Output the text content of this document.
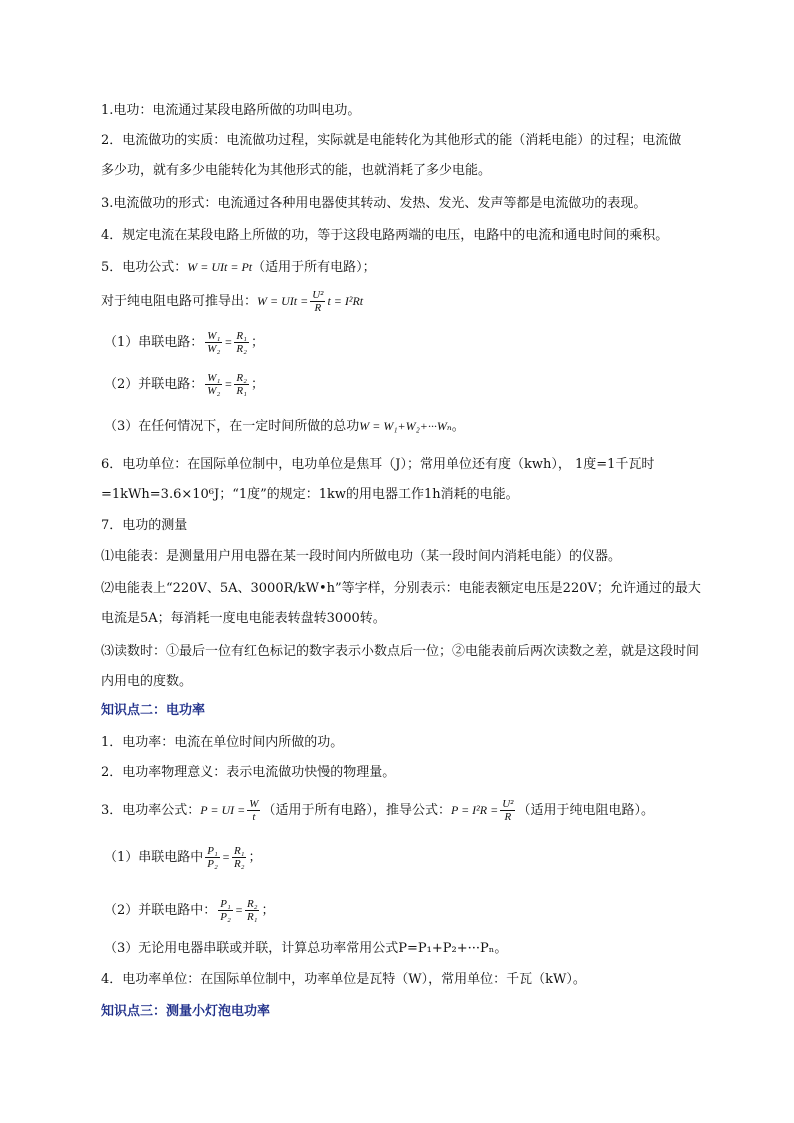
1.电功：电流通过某段电路所做的功叫电功。
2．电流做功的实质：电流做功过程，实际就是电能转化为其他形式的能（消耗电能）的过程；电流做
多少功，就有多少电能转化为其他形式的能，也就消耗了多少电能。
3.电流做功的形式：电流通过各种用电器使其转动、发热、发光、发声等都是电流做功的表现。
4．规定电流在某段电路上所做的功，等于这段电路两端的电压，电路中的电流和通电时间的乘积。
5．电功公式：W = UIt = Pt（适用于所有电路）；
对于纯电阻电路可推导出：W = UIt = $\frac{\text{U²}}{R}$ t = I²Rt
（1）串联电路： $\frac{\text{W₁}}{\text{W₂}} = \frac{\text{R₁}}{\text{R₂}}$ ；
（2）并联电路： $\frac{\text{W₁}}{\text{W₂}} = \frac{\text{R₂}}{\text{R₁}}$ ；
（3）在任何情况下，在一定时间所做的总功W = W₁+W₂+···Wₙ。
6．电功单位：在国际单位制中，电功单位是焦耳（J）；常用单位还有度（kwh）， 1度=1千瓦时
=1kWh=3.6×10⁶J；“1度”的规定：1kw的用电器工作1h消耗的电能。
7．电功的测量
⑴电能表：是测量用户用电器在某一段时间内所做电功（某一段时间内消耗电能）的仪器。
⑵电能表上“220V、5A、3000R/kW•h”等字样，分别表示：电能表额定电压是220V；允许通过的最大
电流是5A；每消耗一度电电能表转盘转3000转。
⑶读数时：①最后一位有红色标记的数字表示小数点后一位；②电能表前后两次读数之差，就是这段时间
内用电的度数。
知识点二：电功率
1．电功率：电流在单位时间内所做的功。
2．电功率物理意义：表示电流做功快慢的物理量。
3．电功率公式：P = UI = $\frac{W}{t}$ （适用于所有电路），推导公式：$P = I^2R = \frac{\text{U²}}{R}$ （适用于纯电阻电路）。
（1）串联电路中 $\frac{\text{P₁}}{\text{P₂}} = \frac{\text{R₁}}{\text{R₂}}$ ；
（2）并联电路中： $\frac{\text{P₁}}{\text{P₂}} = \frac{\text{R₂}}{\text{R₁}}$ ；
（3）无论用电器串联或并联，计算总功率常用公式P=P₁+P₂+···Pₙ。
4．电功率单位：在国际单位制中，功率单位是瓦特（W），常用单位：千瓦（kW）。
知识点三：测量小灯泡电功率
